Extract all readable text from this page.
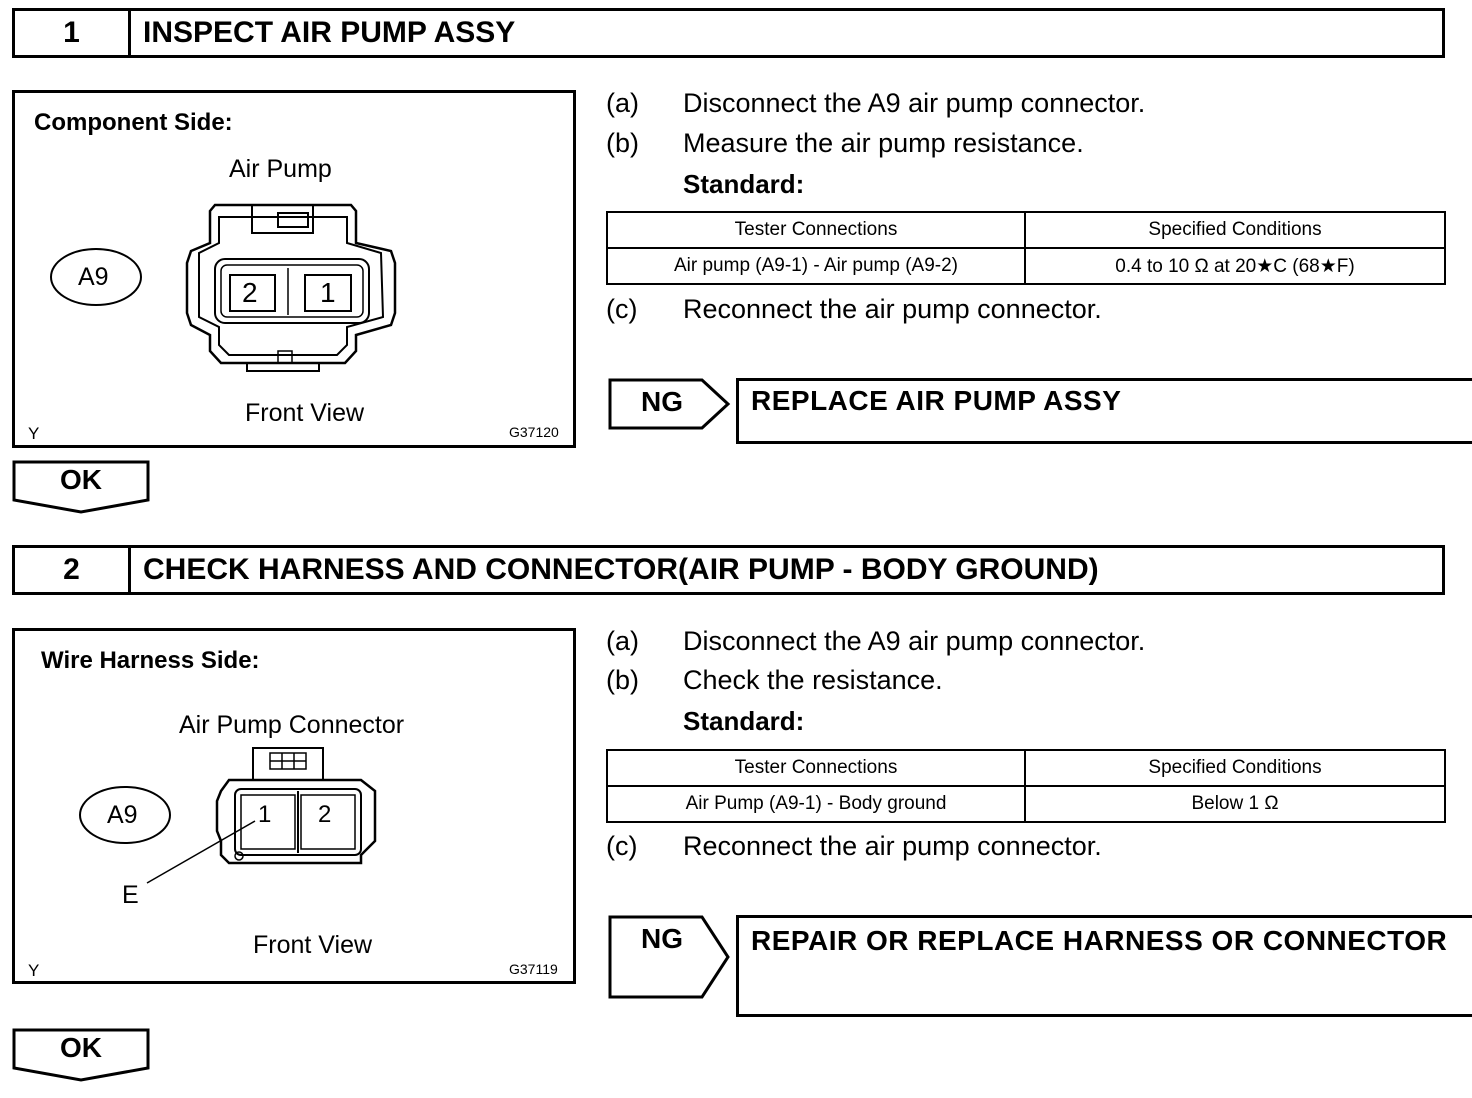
1	INSPECT AIR PUMP ASSY
Component Side:
Air Pump
A9	2 1
Front View
Y	G37120
(a) Disconnect the A9 air pump connector.
(b) Measure the air pump resistance.
Standard:
Tester Connections	Specified Conditions
Air pump (A9-1) - Air pump (A9-2)	0.4 to 10 Ω at 20★C (68★F)
(c) Reconnect the air pump connector.
NG	REPLACE AIR PUMP ASSY
OK
2	CHECK HARNESS AND CONNECTOR(AIR PUMP - BODY GROUND)
Wire Harness Side:
Air Pump Connector
A9	1 2
E
Front View
Y	G37119
(a) Disconnect the A9 air pump connector.
(b) Check the resistance.
Standard:
Tester Connections	Specified Conditions
Air Pump (A9-1) - Body ground	Below 1 Ω
(c) Reconnect the air pump connector.
NG	REPAIR OR REPLACE HARNESS OR CONNECTOR
OK
